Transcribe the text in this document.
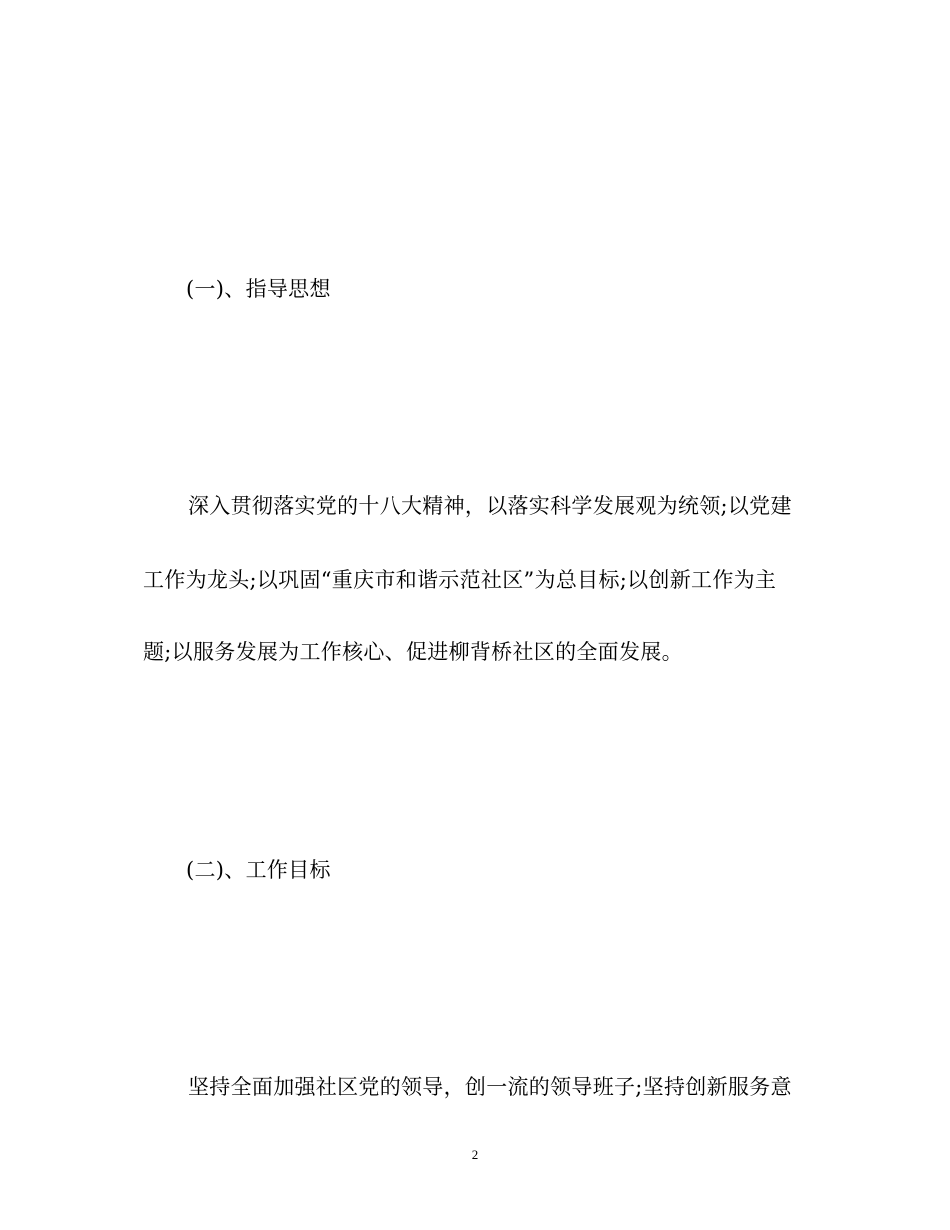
(一)、指导思想
深入贯彻落实党的十八大精神，以落实科学发展观为统领;以党建
工作为龙头;以巩固“重庆市和谐示范社区”为总目标;以创新工作为主
题;以服务发展为工作核心、促进柳背桥社区的全面发展。
(二)、工作目标
坚持全面加强社区党的领导，创一流的领导班子;坚持创新服务意
2
